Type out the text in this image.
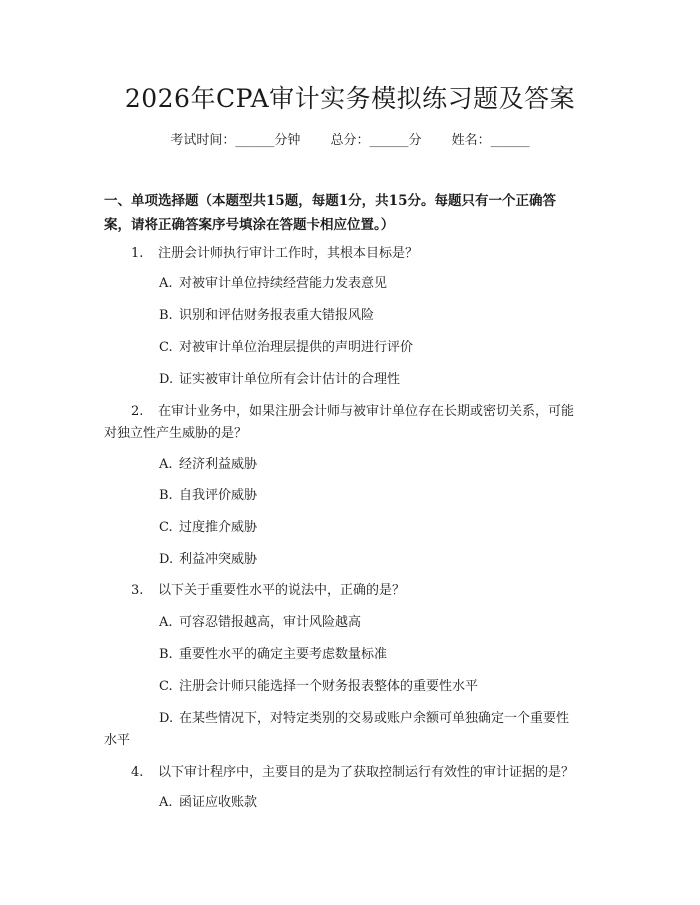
2026年CPA审计实务模拟练习题及答案
考试时间：______分钟 总分：______分 姓名：______
一、单项选择题（本题型共15题，每题1分，共15分。每题只有一个正确答
案，请将正确答案序号填涂在答题卡相应位置。）
1. 注册会计师执行审计工作时，其根本目标是？
A. 对被审计单位持续经营能力发表意见
B. 识别和评估财务报表重大错报风险
C. 对被审计单位治理层提供的声明进行评价
D. 证实被审计单位所有会计估计的合理性
2. 在审计业务中，如果注册会计师与被审计单位存在长期或密切关系，可能
对独立性产生威胁的是？
A. 经济利益威胁
B. 自我评价威胁
C. 过度推介威胁
D. 利益冲突威胁
3. 以下关于重要性水平的说法中，正确的是？
A. 可容忍错报越高，审计风险越高
B. 重要性水平的确定主要考虑数量标准
C. 注册会计师只能选择一个财务报表整体的重要性水平
D. 在某些情况下，对特定类别的交易或账户余额可单独确定一个重要性
水平
4. 以下审计程序中，主要目的是为了获取控制运行有效性的审计证据的是？
A. 函证应收账款
